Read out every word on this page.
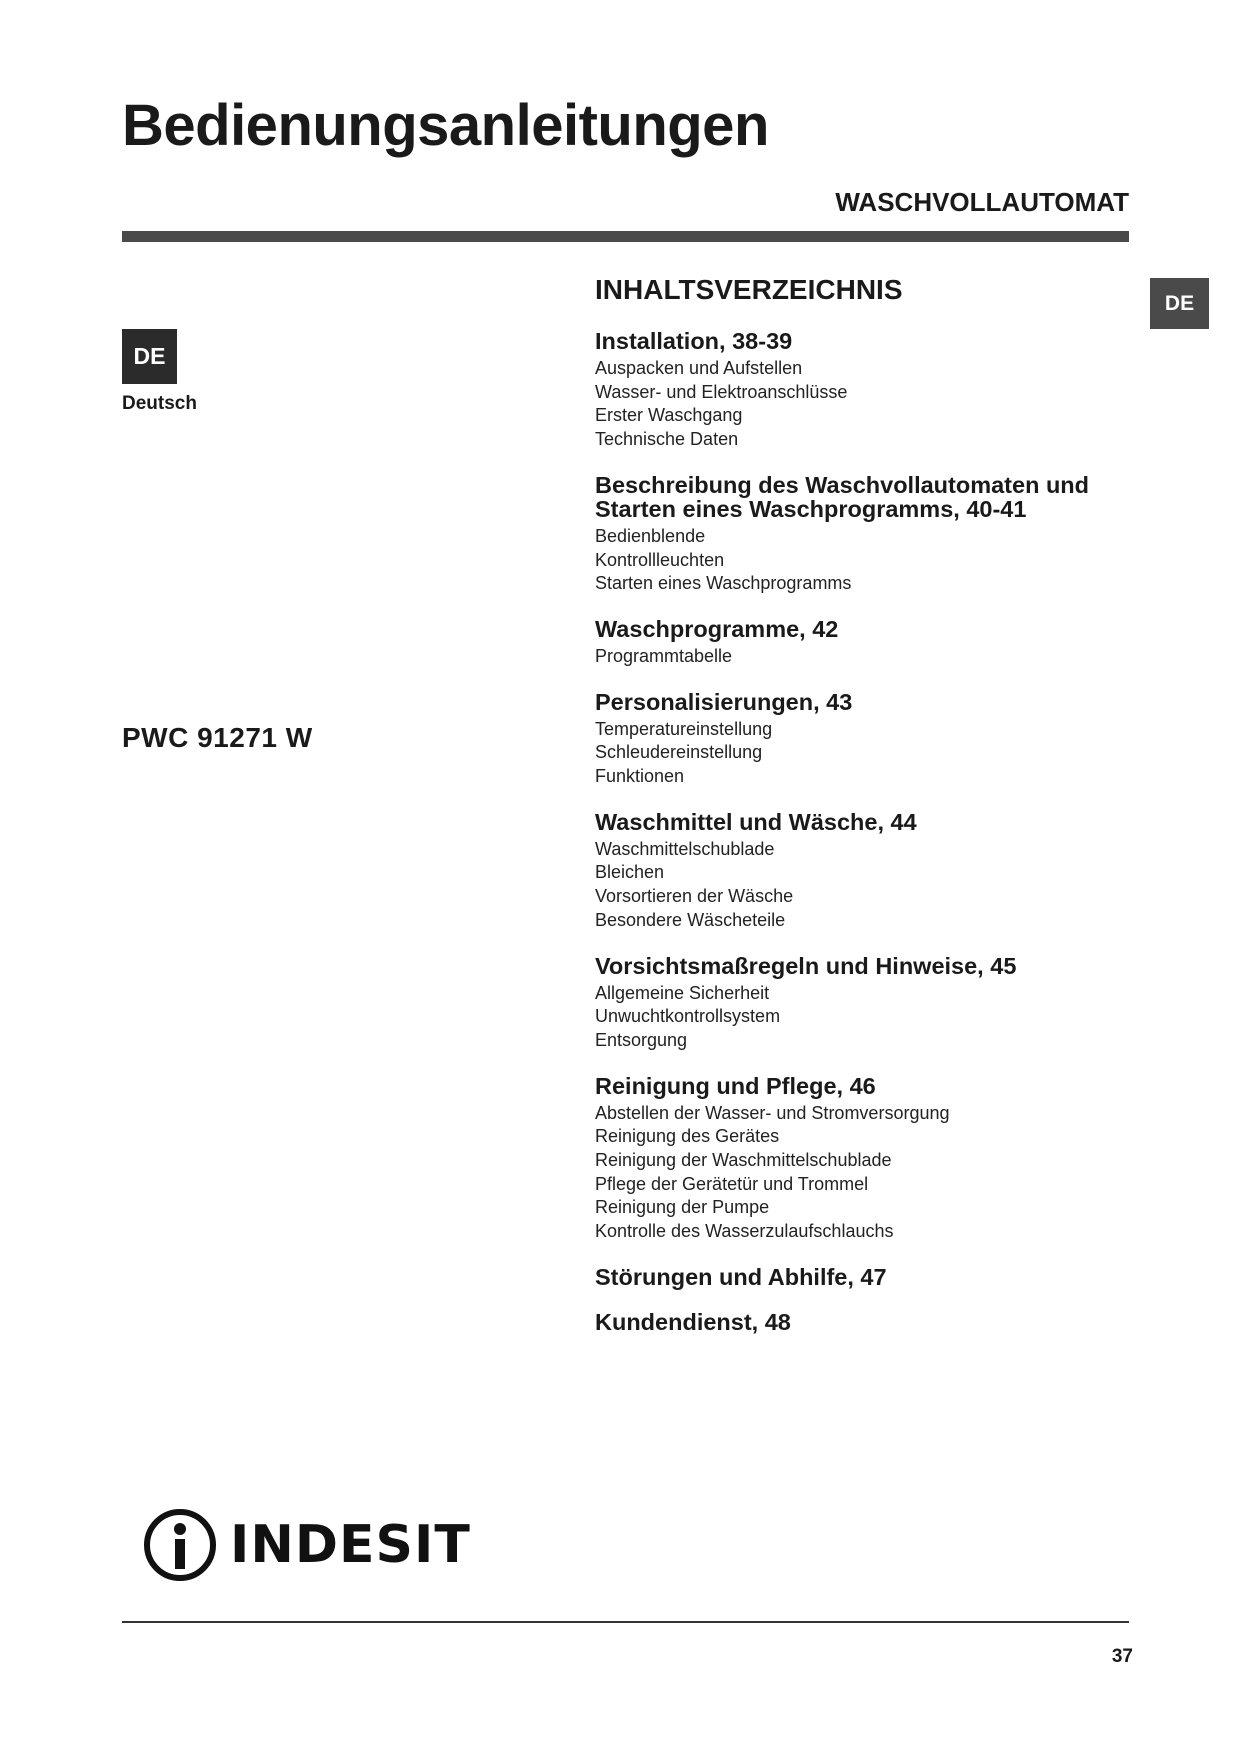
Bedienungsanleitungen
WASCHVOLLAUTOMAT
DE
Deutsch
DE
PWC 91271 W
INHALTSVERZEICHNIS
Installation, 38-39
Auspacken und Aufstellen
Wasser- und Elektroanschlüsse
Erster Waschgang
Technische Daten
Beschreibung des Waschvollautomaten und Starten eines Waschprogramms, 40-41
Bedienblende
Kontrollleuchten
Starten eines Waschprogramms
Waschprogramme, 42
Programmtabelle
Personalisierungen, 43
Temperatureinstellung
Schleudereinstellung
Funktionen
Waschmittel und Wäsche, 44
Waschmittelschublade
Bleichen
Vorsortieren der Wäsche
Besondere Wäscheteile
Vorsichtsmaßregeln und Hinweise, 45
Allgemeine Sicherheit
Unwuchtkontrollsystem
Entsorgung
Reinigung und Pflege, 46
Abstellen der Wasser- und Stromversorgung
Reinigung des Gerätes
Reinigung der Waschmittelschublade
Pflege der Gerätetür und Trommel
Reinigung der Pumpe
Kontrolle des Wasserzulaufschlauchs
Störungen und Abhilfe, 47
Kundendienst, 48
INDESIT
37
